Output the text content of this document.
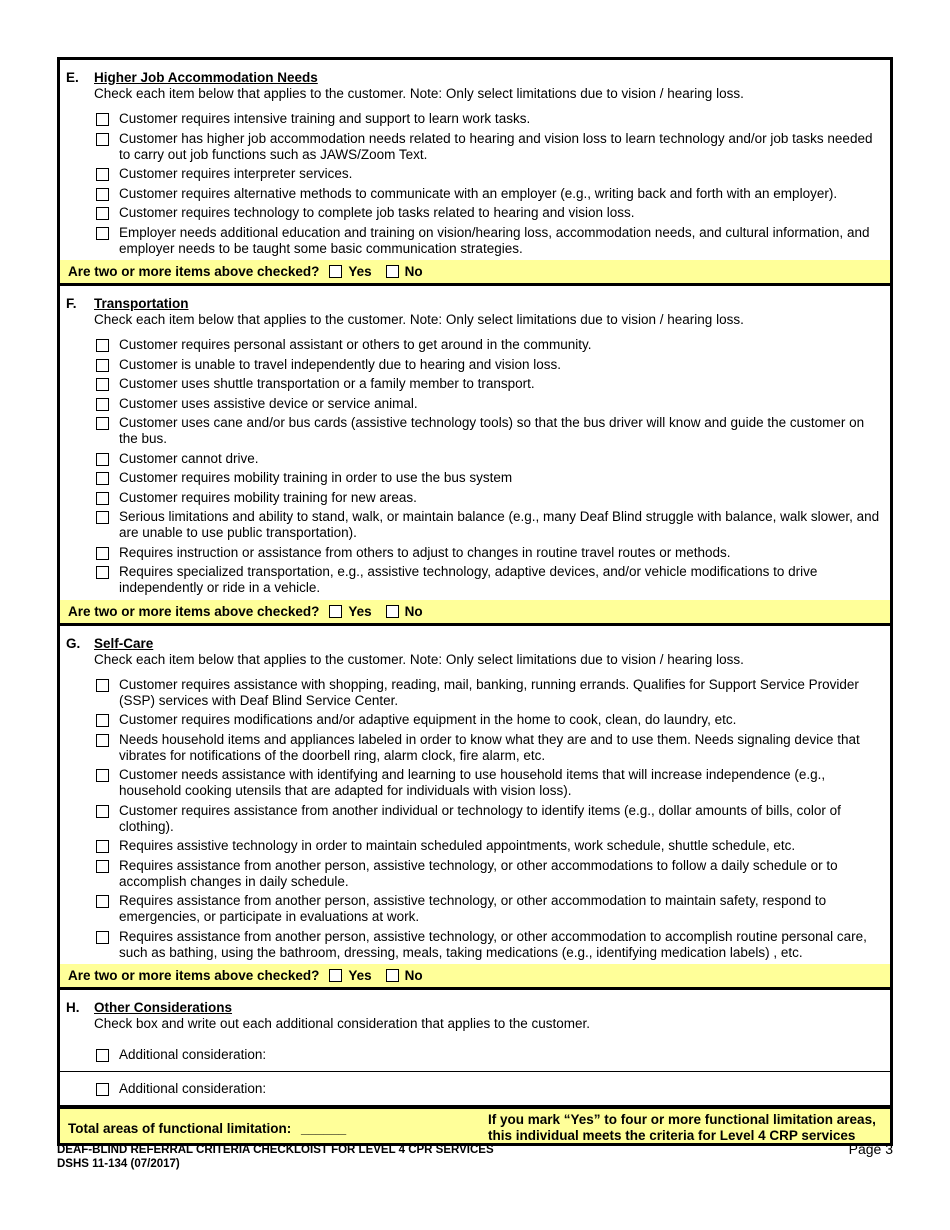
E.	Higher Job Accommodation Needs
Check each item below that applies to the customer. Note: Only select limitations due to vision / hearing loss.
Customer requires intensive training and support to learn work tasks.
Customer has higher job accommodation needs related to hearing and vision loss to learn technology and/or job tasks needed to carry out job functions such as JAWS/Zoom Text.
Customer requires interpreter services.
Customer requires alternative methods to communicate with an employer (e.g., writing back and forth with an employer).
Customer requires technology to complete job tasks related to hearing and vision loss.
Employer needs additional education and training on vision/hearing loss, accommodation needs, and cultural information, and employer needs to be taught some basic communication strategies.
Are two or more items above checked? Yes No
F.	Transportation
Check each item below that applies to the customer. Note: Only select limitations due to vision / hearing loss.
Customer requires personal assistant or others to get around in the community.
Customer is unable to travel independently due to hearing and vision loss.
Customer uses shuttle transportation or a family member to transport.
Customer uses assistive device or service animal.
Customer uses cane and/or bus cards (assistive technology tools) so that the bus driver will know and guide the customer on the bus.
Customer cannot drive.
Customer requires mobility training in order to use the bus system
Customer requires mobility training for new areas.
Serious limitations and ability to stand, walk, or maintain balance (e.g., many Deaf Blind struggle with balance, walk slower, and are unable to use public transportation).
Requires instruction or assistance from others to adjust to changes in routine travel routes or methods.
Requires specialized transportation, e.g., assistive technology, adaptive devices, and/or vehicle modifications to drive independently or ride in a vehicle.
Are two or more items above checked? Yes No
G.	Self-Care
Check each item below that applies to the customer. Note: Only select limitations due to vision / hearing loss.
Customer requires assistance with shopping, reading, mail, banking, running errands. Qualifies for Support Service Provider (SSP) services with Deaf Blind Service Center.
Customer requires modifications and/or adaptive equipment in the home to cook, clean, do laundry, etc.
Needs household items and appliances labeled in order to know what they are and to use them. Needs signaling device that vibrates for notifications of the doorbell ring, alarm clock, fire alarm, etc.
Customer needs assistance with identifying and learning to use household items that will increase independence (e.g., household cooking utensils that are adapted for individuals with vision loss).
Customer requires assistance from another individual or technology to identify items (e.g., dollar amounts of bills, color of clothing).
Requires assistive technology in order to maintain scheduled appointments, work schedule, shuttle schedule, etc.
Requires assistance from another person, assistive technology, or other accommodations to follow a daily schedule or to accomplish changes in daily schedule.
Requires assistance from another person, assistive technology, or other accommodation to maintain safety, respond to emergencies, or participate in evaluations at work.
Requires assistance from another person, assistive technology, or other accommodation to accomplish routine personal care, such as bathing, using the bathroom, dressing, meals, taking medications (e.g., identifying medication labels) , etc.
Are two or more items above checked? Yes No
H.	Other Considerations
Check box and write out each additional consideration that applies to the customer.
Additional consideration:
Additional consideration:
Total areas of functional limitation: ______
If you mark “Yes” to four or more functional limitation areas, this individual meets the criteria for Level 4 CRP services
DEAF-BLIND REFERRAL CRITERIA CHECKLOIST FOR LEVEL 4 CPR SERVICES
DSHS 11-134 (07/2017)
Page 3
